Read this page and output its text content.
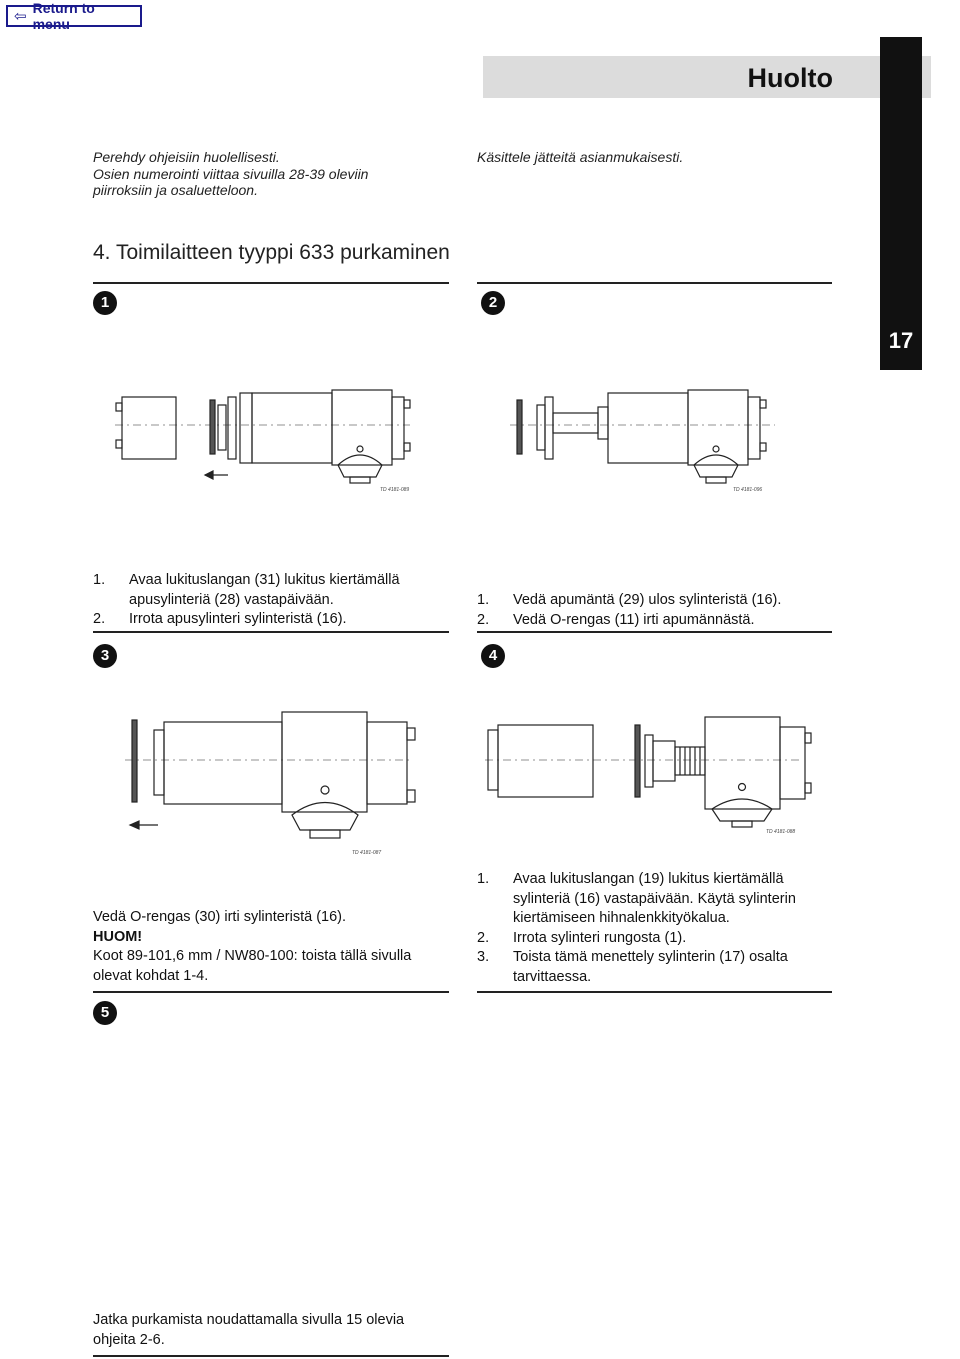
⇦ Return to menu
Huolto
17
Perehdy ohjeisiin huolellisesti.
Osien numerointi viittaa sivuilla 28-39 oleviin
piirroksiin ja osaluetteloon.
Käsittele jätteitä asianmukaisesti.
4. Toimilaitteen tyyppi 633 purkaminen
1
TD 4181-089
1.	Avaa lukituslangan (31) lukitus kiertämällä apusylinteriä (28) vastapäivään.
2.	Irrota apusylinteri sylinteristä (16).
2
TD 4181-096
1.	Vedä apumäntä (29) ulos sylinteristä (16).
2.	Vedä O-rengas (11) irti apumännästä.
3
TD 4181-087
Vedä O-rengas (30) irti sylinteristä (16).
HUOM!
Koot 89-101,6 mm / NW80-100: toista tällä sivulla olevat kohdat 1-4.
4
TD 4181-088
1.	Avaa lukituslangan (19) lukitus kiertämällä sylinteriä (16) vastapäivään. Käytä sylinterin kiertämiseen hihnalenkkityökalua.
2.	Irrota sylinteri rungosta (1).
3.	Toista tämä menettely sylinterin (17) osalta tarvittaessa.
5
Jatka purkamista noudattamalla sivulla 15 olevia ohjeita 2-6.
